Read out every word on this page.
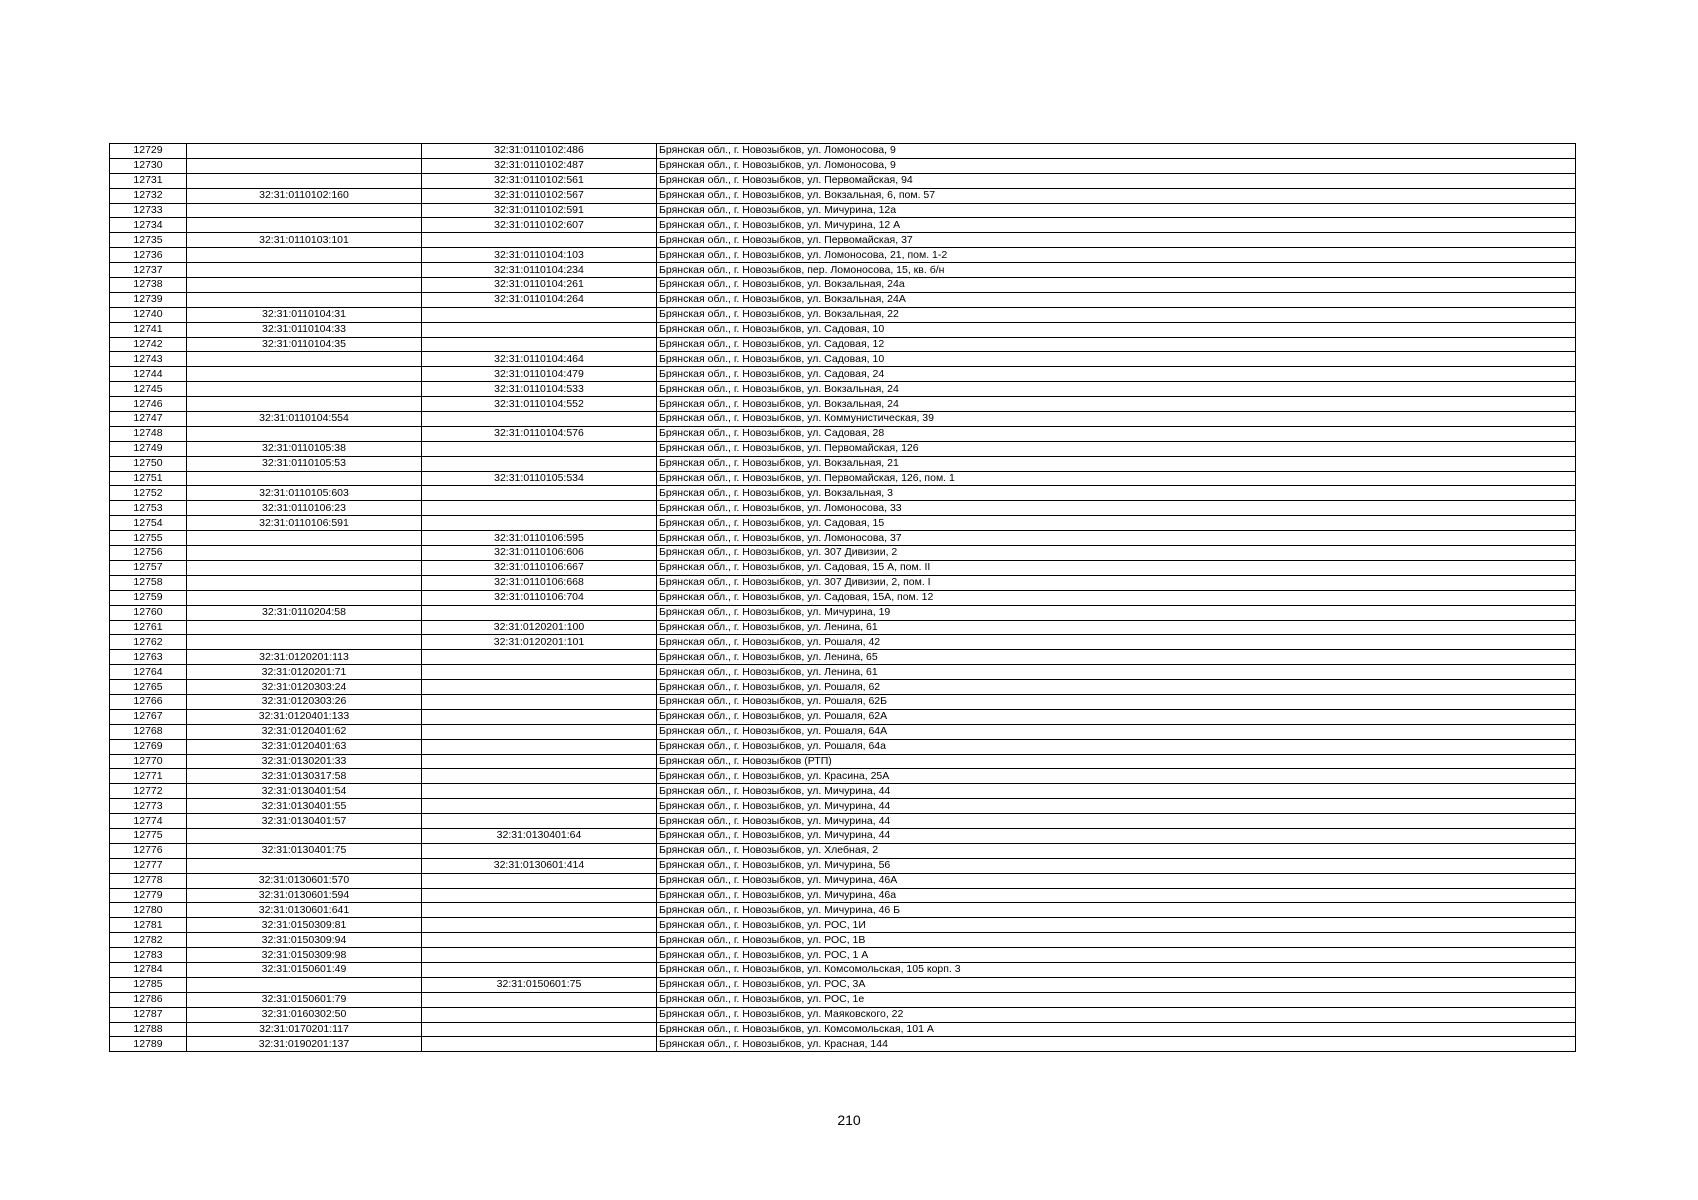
12729		32:31:0110102:486	Брянская обл., г. Новозыбков, ул. Ломоносова, 9
12730		32:31:0110102:487	Брянская обл., г. Новозыбков, ул. Ломоносова, 9
12731		32:31:0110102:561	Брянская обл., г. Новозыбков, ул. Первомайская, 94
12732	32:31:0110102:160	32:31:0110102:567	Брянская обл., г. Новозыбков, ул. Вокзальная, 6, пом. 57
12733		32:31:0110102:591	Брянская обл., г. Новозыбков, ул. Мичурина, 12а
12734		32:31:0110102:607	Брянская обл., г. Новозыбков, ул. Мичурина, 12 А
12735	32:31:0110103:101		Брянская обл., г. Новозыбков, ул. Первомайская, 37
12736		32:31:0110104:103	Брянская обл., г. Новозыбков, ул. Ломоносова, 21, пом. 1-2
12737		32:31:0110104:234	Брянская обл., г. Новозыбков, пер. Ломоносова, 15, кв. б/н
12738		32:31:0110104:261	Брянская обл., г. Новозыбков, ул. Вокзальная, 24а
12739		32:31:0110104:264	Брянская обл., г. Новозыбков, ул. Вокзальная, 24А
12740	32:31:0110104:31		Брянская обл., г. Новозыбков, ул. Вокзальная, 22
12741	32:31:0110104:33		Брянская обл., г. Новозыбков, ул. Садовая, 10
12742	32:31:0110104:35		Брянская обл., г. Новозыбков, ул. Садовая, 12
12743		32:31:0110104:464	Брянская обл., г. Новозыбков, ул. Садовая, 10
12744		32:31:0110104:479	Брянская обл., г. Новозыбков, ул. Садовая, 24
12745		32:31:0110104:533	Брянская обл., г. Новозыбков, ул. Вокзальная, 24
12746		32:31:0110104:552	Брянская обл., г. Новозыбков, ул. Вокзальная, 24
12747	32:31:0110104:554		Брянская обл., г. Новозыбков, ул. Коммунистическая, 39
12748		32:31:0110104:576	Брянская обл., г. Новозыбков, ул. Садовая, 28
12749	32:31:0110105:38		Брянская обл., г. Новозыбков, ул. Первомайская, 126
12750	32:31:0110105:53		Брянская обл., г. Новозыбков, ул. Вокзальная, 21
12751		32:31:0110105:534	Брянская обл., г. Новозыбков, ул. Первомайская, 126, пом. 1
12752	32:31:0110105:603		Брянская обл., г. Новозыбков, ул. Вокзальная, 3
12753	32:31:0110106:23		Брянская обл., г. Новозыбков, ул. Ломоносова, 33
12754	32:31:0110106:591		Брянская обл., г. Новозыбков, ул. Садовая, 15
12755		32:31:0110106:595	Брянская обл., г. Новозыбков, ул. Ломоносова, 37
12756		32:31:0110106:606	Брянская обл., г. Новозыбков, ул. 307 Дивизии, 2
12757		32:31:0110106:667	Брянская обл., г. Новозыбков, ул. Садовая, 15 А, пом. II
12758		32:31:0110106:668	Брянская обл., г. Новозыбков, ул. 307 Дивизии, 2, пом. I
12759		32:31:0110106:704	Брянская обл., г. Новозыбков, ул. Садовая, 15А, пом. 12
12760	32:31:0110204:58		Брянская обл., г. Новозыбков, ул. Мичурина, 19
12761		32:31:0120201:100	Брянская обл., г. Новозыбков, ул. Ленина, 61
12762		32:31:0120201:101	Брянская обл., г. Новозыбков, ул. Рошаля, 42
12763	32:31:0120201:113		Брянская обл., г. Новозыбков, ул. Ленина, 65
12764	32:31:0120201:71		Брянская обл., г. Новозыбков, ул. Ленина, 61
12765	32:31:0120303:24		Брянская обл., г. Новозыбков, ул. Рошаля, 62
12766	32:31:0120303:26		Брянская обл., г. Новозыбков, ул. Рошаля, 62Б
12767	32:31:0120401:133		Брянская обл., г. Новозыбков, ул. Рошаля, 62А
12768	32:31:0120401:62		Брянская обл., г. Новозыбков, ул. Рошаля, 64А
12769	32:31:0120401:63		Брянская обл., г. Новозыбков, ул. Рошаля, 64а
12770	32:31:0130201:33		Брянская обл., г. Новозыбков (РТП)
12771	32:31:0130317:58		Брянская обл., г. Новозыбков, ул. Красина, 25А
12772	32:31:0130401:54		Брянская обл., г. Новозыбков, ул. Мичурина, 44
12773	32:31:0130401:55		Брянская обл., г. Новозыбков, ул. Мичурина, 44
12774	32:31:0130401:57		Брянская обл., г. Новозыбков, ул. Мичурина, 44
12775		32:31:0130401:64	Брянская обл., г. Новозыбков, ул. Мичурина, 44
12776	32:31:0130401:75		Брянская обл., г. Новозыбков, ул. Хлебная, 2
12777		32:31:0130601:414	Брянская обл., г. Новозыбков, ул. Мичурина, 56
12778	32:31:0130601:570		Брянская обл., г. Новозыбков, ул. Мичурина, 46А
12779	32:31:0130601:594		Брянская обл., г. Новозыбков, ул. Мичурина, 46а
12780	32:31:0130601:641		Брянская обл., г. Новозыбков, ул. Мичурина, 46 Б
12781	32:31:0150309:81		Брянская обл., г. Новозыбков, ул. РОС, 1И
12782	32:31:0150309:94		Брянская обл., г. Новозыбков, ул. РОС, 1В
12783	32:31:0150309:98		Брянская обл., г. Новозыбков, ул. РОС, 1 А
12784	32:31:0150601:49		Брянская обл., г. Новозыбков, ул. Комсомольская, 105 корп. 3
12785		32:31:0150601:75	Брянская обл., г. Новозыбков, ул. РОС, 3А
12786	32:31:0150601:79		Брянская обл., г. Новозыбков, ул. РОС, 1е
12787	32:31:0160302:50		Брянская обл., г. Новозыбков, ул. Маяковского, 22
12788	32:31:0170201:117		Брянская обл., г. Новозыбков, ул. Комсомольская, 101 А
12789	32:31:0190201:137		Брянская обл., г. Новозыбков, ул. Красная, 144
210
